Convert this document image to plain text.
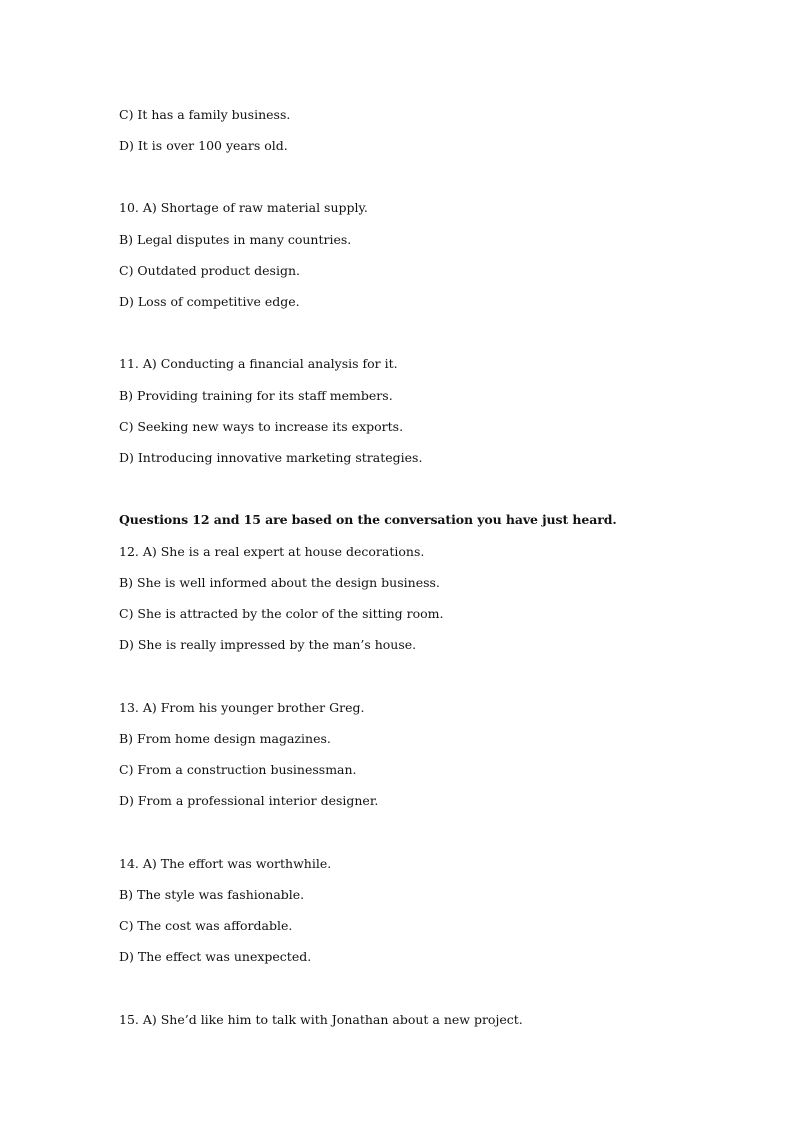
C) It has a family business.
D) It is over 100 years old.
10. A) Shortage of raw material supply.
B) Legal disputes in many countries.
C) Outdated product design.
D) Loss of competitive edge.
11. A) Conducting a financial analysis for it.
B) Providing training for its staff members.
C) Seeking new ways to increase its exports.
D) Introducing innovative marketing strategies.
Questions 12 and 15 are based on the conversation you have just heard.
12. A) She is a real expert at house decorations.
B) She is well informed about the design business.
C) She is attracted by the color of the sitting room.
D) She is really impressed by the man’s house.
13. A) From his younger brother Greg.
B) From home design magazines.
C) From a construction businessman.
D) From a professional interior designer.
14. A) The effort was worthwhile.
B) The style was fashionable.
C) The cost was affordable.
D) The effect was unexpected.
15. A) She’d like him to talk with Jonathan about a new project.
